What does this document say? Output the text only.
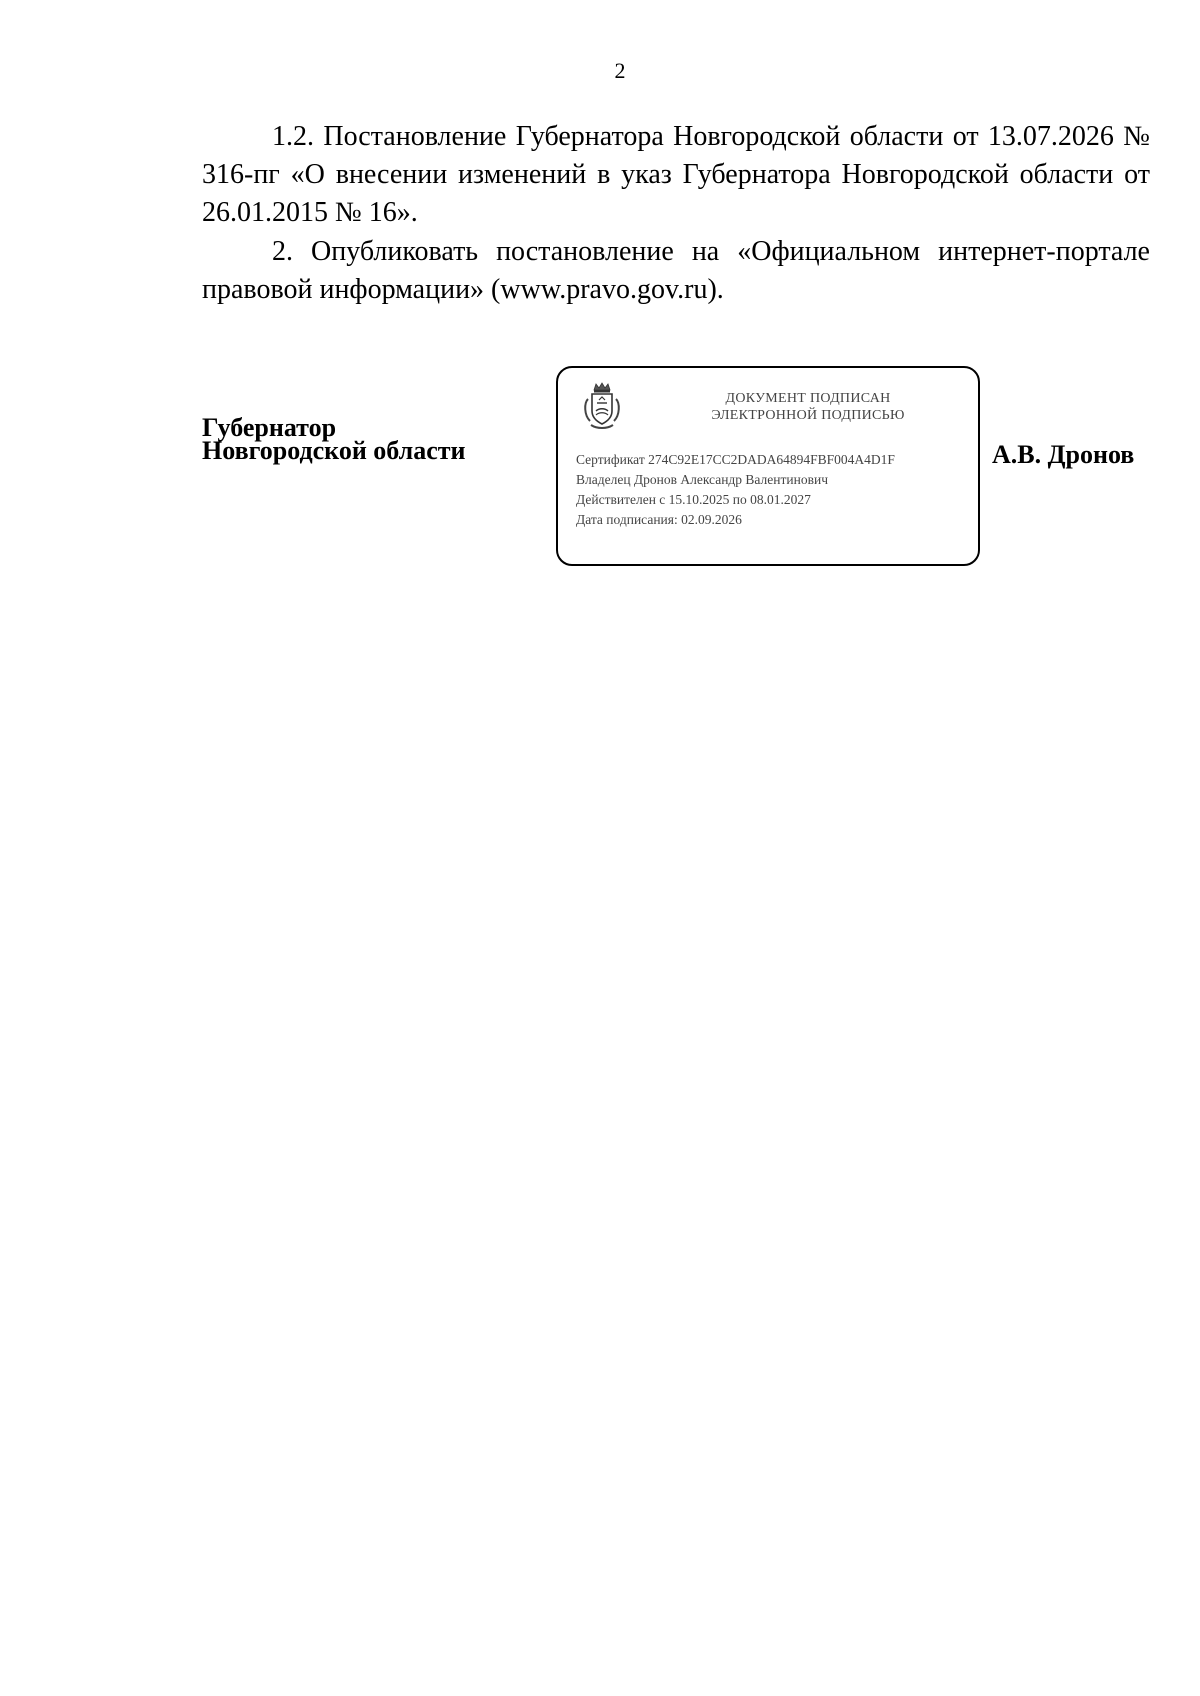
2

1.2. Постановление Губернатора Новгородской области от 13.07.2026 № 316-пг «О внесении изменений в указ Губернатора Новгородской области от 26.01.2015 № 16».

2. Опубликовать постановление на «Официальном интернет-портале правовой информации» (www.pravo.gov.ru).

Губернатор
Новгородской области
ДОКУМЕНТ ПОДПИСАН
ЭЛЕКТРОННОЙ ПОДПИСЬЮ
Сертификат 274C92E17CC2DADA64894FBF004A4D1F
Владелец Дронов Александр Валентинович
Действителен с 15.10.2025 по 08.01.2027
Дата подписания: 02.09.2026
А.В. Дронов
